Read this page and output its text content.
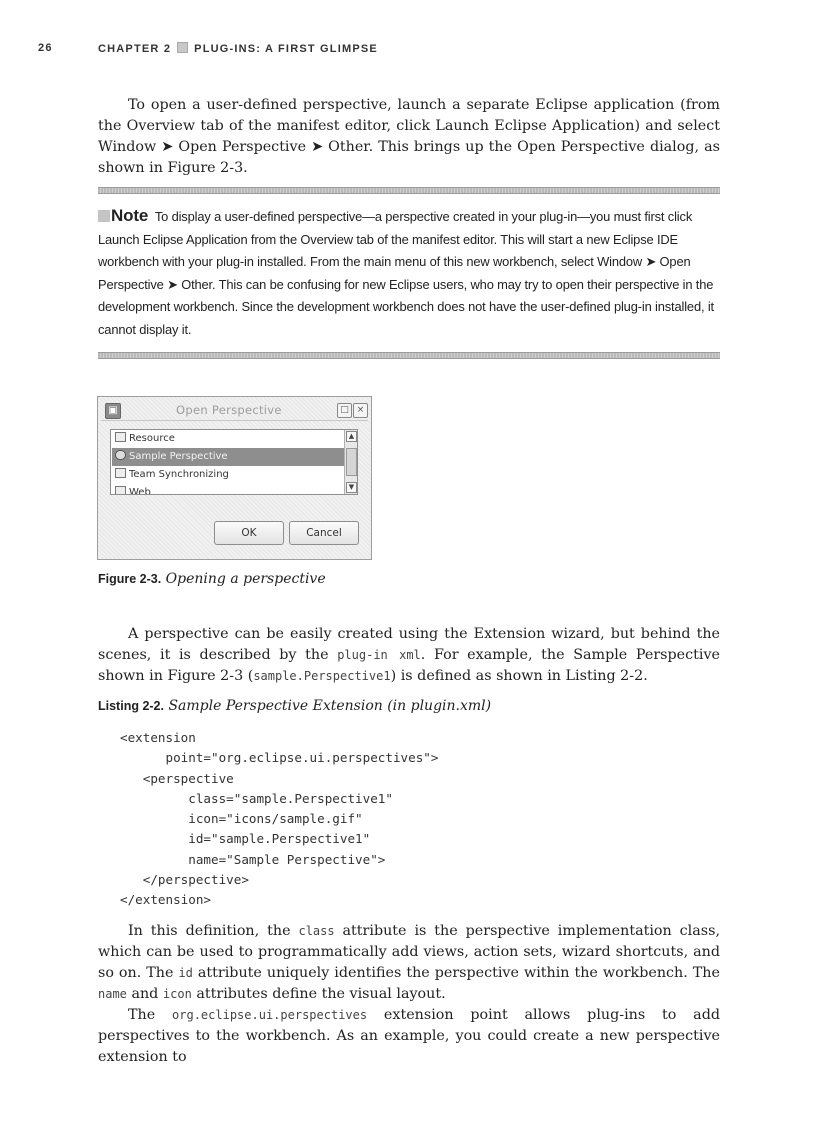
26	CHAPTER 2 PLUG-INS: A FIRST GLIMPSE

To open a user-defined perspective, launch a separate Eclipse application (from the Overview tab of the manifest editor, click Launch Eclipse Application) and select Window ➤ Open Perspective ➤ Other. This brings up the Open Perspective dialog, as shown in Figure 2-3.

Note To display a user-defined perspective—a perspective created in your plug-in—you must first click Launch Eclipse Application from the Overview tab of the manifest editor. This will start a new Eclipse IDE workbench with your plug-in installed. From the main menu of this new workbench, select Window ➤ Open Perspective ➤ Other. This can be confusing for new Eclipse users, who may try to open their perspective in the development workbench. Since the development workbench does not have the user-defined plug-in installed, it cannot display it.
▣	Open Perspective	□ ×
Resource
Sample Perspective
Team Synchronizing
Web
▲
▼
OK	Cancel
Figure 2-3. Opening a perspective

A perspective can be easily created using the Extension wizard, but behind the scenes, it is described by the plug-in xml. For example, the Sample Perspective shown in Figure 2-3 (sample.Perspective1) is defined as shown in Listing 2-2.

Listing 2-2. Sample Perspective Extension (in plugin.xml)
<extension
point="org.eclipse.ui.perspectives">
<perspective
class="sample.Perspective1"
icon="icons/sample.gif"
id="sample.Perspective1"
name="Sample Perspective">
</perspective>
</extension>

In this definition, the class attribute is the perspective implementation class, which can be used to programmatically add views, action sets, wizard shortcuts, and so on. The id attribute uniquely identifies the perspective within the workbench. The name and icon attributes define the visual layout.

The org.eclipse.ui.perspectives extension point allows plug-ins to add perspectives to the workbench. As an example, you could create a new perspective extension to
